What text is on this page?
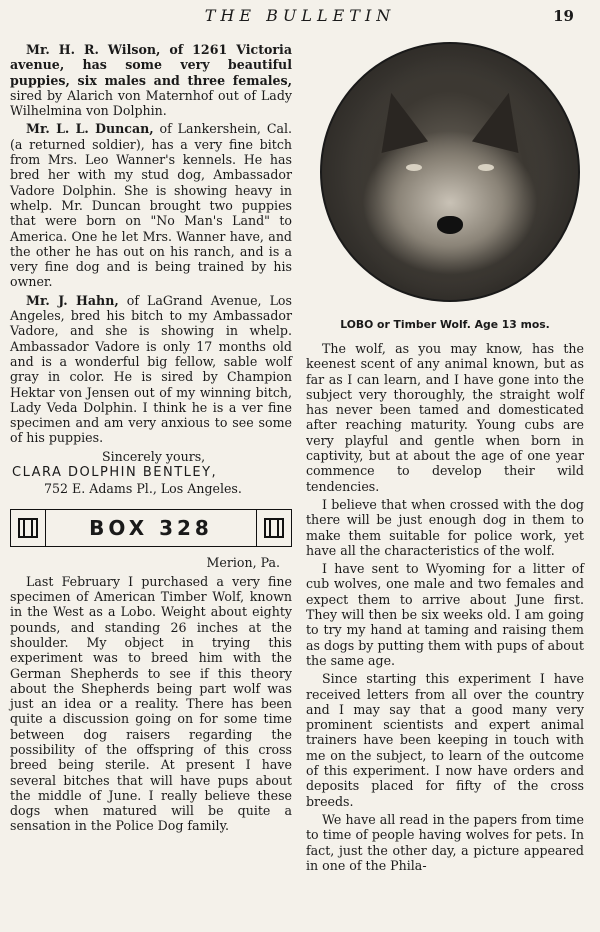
THE BULLETIN	19

Mr. H. R. Wilson, of 1261 Victoria avenue, has some very beautiful puppies, six males and three females, sired by Alarich von Maternhof out of Lady Wilhelmina von Dolphin.

Mr. L. L. Duncan, of Lankershein, Cal. (a returned soldier), has a very fine bitch from Mrs. Leo Wanner's kennels. He has bred her with my stud dog, Ambassador Vadore Dolphin. She is showing heavy in whelp. Mr. Duncan brought two puppies that were born on "No Man's Land" to America. One he let Mrs. Wanner have, and the other he has out on his ranch, and is a very fine dog and is being trained by his owner.

Mr. J. Hahn, of LaGrand Avenue, Los Angeles, bred his bitch to my Ambassador Vadore, and she is showing in whelp. Ambassador Vadore is only 17 months old and is a wonderful big fellow, sable wolf gray in color. He is sired by Champion Hektar von Jensen out of my winning bitch, Lady Veda Dolphin. I think he is a ver fine specimen and am very anxious to see some of his puppies.

Sincerely yours,
CLARA DOLPHIN BENTLEY,
752 E. Adams Pl., Los Angeles.
BOX 328
Merion, Pa.

Last February I purchased a very fine specimen of American Timber Wolf, known in the West as a Lobo. Weight about eighty pounds, and standing 26 inches at the shoulder. My object in trying this experiment was to breed him with the German Shepherds to see if this theory about the Shepherds being part wolf was just an idea or a reality. There has been quite a discussion going on for some time between dog raisers regarding the possibility of the offspring of this cross breed being sterile. At present I have several bitches that will have pups about the middle of June. I really believe these dogs when matured will be quite a sensation in the Police Dog family.

LOBO or Timber Wolf. Age 13 mos.

The wolf, as you may know, has the keenest scent of any animal known, but as far as I can learn, and I have gone into the subject very thoroughly, the straight wolf has never been tamed and domesticated after reaching maturity. Young cubs are very playful and gentle when born in captivity, but at about the age of one year commence to develop their wild tendencies.

I believe that when crossed with the dog there will be just enough dog in them to make them suitable for police work, yet have all the characteristics of the wolf.

I have sent to Wyoming for a litter of cub wolves, one male and two females and expect them to arrive about June first. They will then be six weeks old. I am going to try my hand at taming and raising them as dogs by putting them with pups of about the same age.

Since starting this experiment I have received letters from all over the country and I may say that a good many very prominent scientists and expert animal trainers have been keeping in touch with me on the subject, to learn of the outcome of this experiment. I now have orders and deposits placed for fifty of the cross breeds.

We have all read in the papers from time to time of people having wolves for pets. In fact, just the other day, a picture appeared in one of the Phila-
